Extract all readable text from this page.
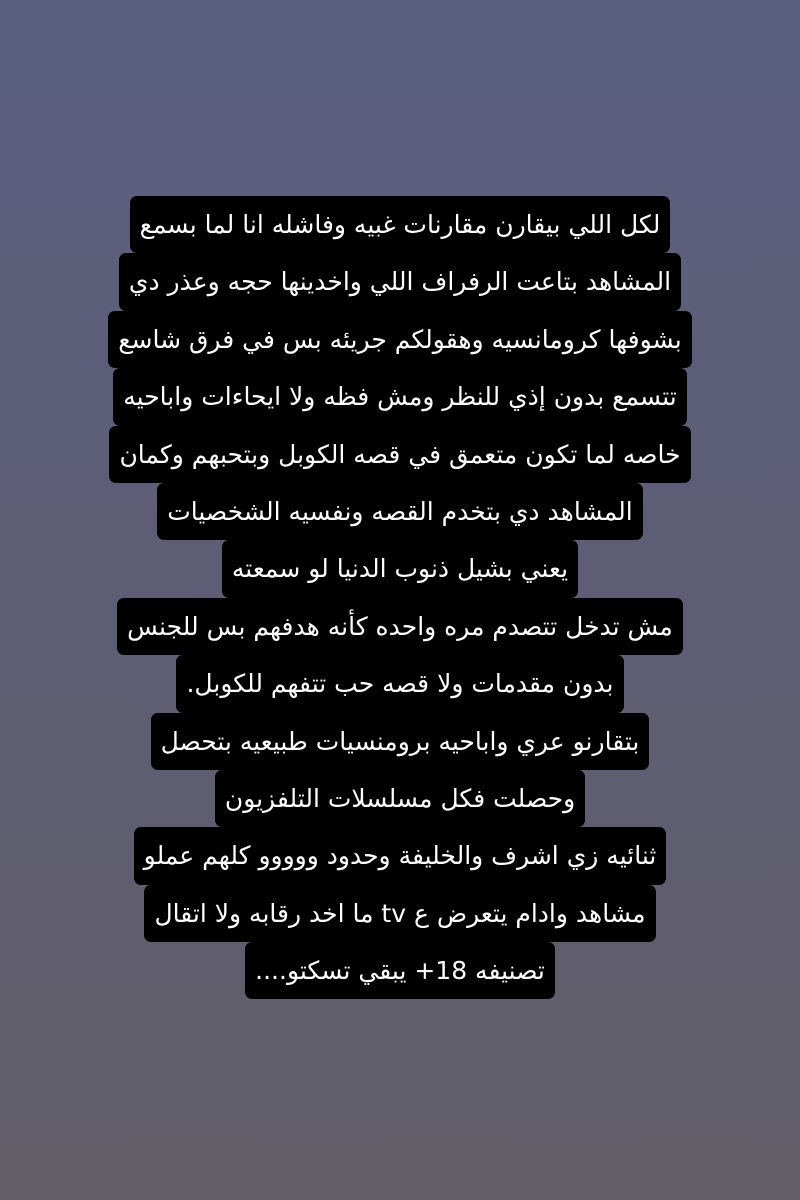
لكل اللي بيقارن مقارنات غبيه وفاشله انا لما بسمع
المشاهد بتاعت الرفراف اللي واخدينها حجه وعذر دي
بشوفها كرومانسيه وهقولكم جريئه بس في فرق شاسع
تتسمع بدون إذي للنظر ومش فظه ولا ايحاءات واباحيه
خاصه لما تكون متعمق في قصه الكوبل وبتحبهم وكمان
المشاهد دي بتخدم القصه ونفسيه الشخصيات
يعني بشيل ذنوب الدنيا لو سمعته
مش تدخل تتصدم مره واحده كأنه هدفهم بس للجنس
بدون مقدمات ولا قصه حب تتفهم للكوبل.
بتقارنو عري واباحيه برومنسيات طبيعيه بتحصل
وحصلت فكل مسلسلات التلفزيون
ثنائيه زي اشرف والخليفة وحدود ووووو كلهم عملو
مشاهد وادام يتعرض ع tv ما اخد رقابه ولا اتقال
تصنيفه 18+ يبقي تسكتو....
